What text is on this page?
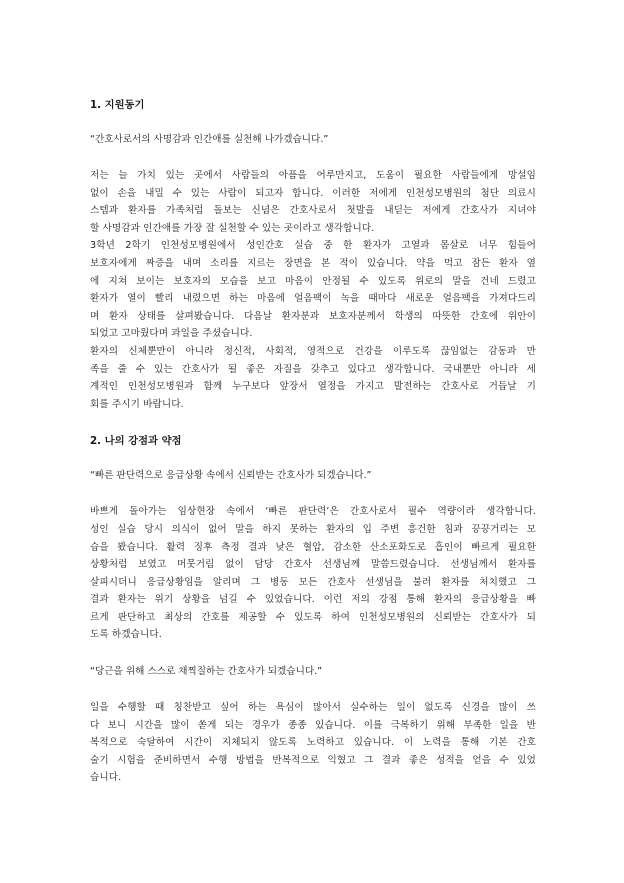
1. 지원동기
“간호사로서의 사명감과 인간애를 실천해 나가겠습니다.”
저는 늘 가치 있는 곳에서 사람들의 아픔을 어루만지고, 도움이 필요한 사람들에게 망설임
없이 손을 내밀 수 있는 사람이 되고자 합니다. 이러한 저에게 인천성모병원의 첨단 의료시
스템과 환자를 가족처럼 돌보는 신념은 간호사로서 첫발을 내딛는 저에게 간호사가 지녀야
할 사명감과 인간애를 가장 잘 실천할 수 있는 곳이라고 생각합니다.
3학년 2학기 인천성모병원에서 성인간호 실습 중 한 환자가 고열과 몸살로 너무 힘들어
보호자에게 짜증을 내며 소리를 지르는 장면을 본 적이 있습니다. 약을 먹고 잠든 환자 옆
에 지쳐 보이는 보호자의 모습을 보고 마음이 안정될 수 있도록 위로의 말을 건네 드렸고
환자가 열이 빨리 내렸으면 하는 마음에 얼음팩이 녹을 때마다 새로운 얼음팩을 가져다드리
며 환자 상태를 살펴봤습니다. 다음날 환자분과 보호자분께서 학생의 따뜻한 간호에 위안이
되었고 고마웠다며 과일을 주셨습니다.
환자의 신체뿐만이 아니라 정신적, 사회적, 영적으로 건강을 이루도록 끊임없는 감동과 만
족을 줄 수 있는 간호사가 될 좋은 자질을 갖추고 있다고 생각합니다. 국내뿐만 아니라 세
계적인 인천성모병원과 함께 누구보다 앞장서 열정을 가지고 발전하는 간호사로 거듭날 기
회를 주시기 바랍니다.
2. 나의 강점과 약점
“빠른 판단력으로 응급상황 속에서 신뢰받는 간호사가 되겠습니다.”
바쁘게 돌아가는 임상현장 속에서 ‘빠른 판단력’은 간호사로서 필수 역량이라 생각합니다.
성인 실습 당시 의식이 없어 말을 하지 못하는 환자의 입 주변 흥건한 침과 끙끙거리는 모
습을 봤습니다. 활력 징후 측정 결과 낮은 혈압, 감소한 산소포화도로 흡인이 빠르게 필요한
상황처럼 보였고 머뭇거림 없이 담당 간호사 선생님께 말씀드렸습니다. 선생님께서 환자를
살피시더니 응급상황임을 알리며 그 병동 모든 간호사 선생님을 불러 환자를 처치했고 그
결과 환자는 위기 상황을 넘길 수 있었습니다. 이런 저의 강점 통해 환자의 응급상황을 빠
르게 판단하고 최상의 간호를 제공할 수 있도록 하여 인천성모병원의 신뢰받는 간호사가 되
도록 하겠습니다.
“당근을 위해 스스로 채찍질하는 간호사가 되겠습니다.”
일을 수행할 때 칭찬받고 싶어 하는 욕심이 많아서 실수하는 일이 없도록 신경을 많이 쓰
다 보니 시간을 많이 쏟게 되는 경우가 종종 있습니다. 이를 극복하기 위해 부족한 일을 반
복적으로 숙달하여 시간이 지체되지 않도록 노력하고 있습니다. 이 노력을 통해 기본 간호
술기 시험을 준비하면서 수행 방법을 반복적으로 익혔고 그 결과 좋은 성적을 얻을 수 있었
습니다.
